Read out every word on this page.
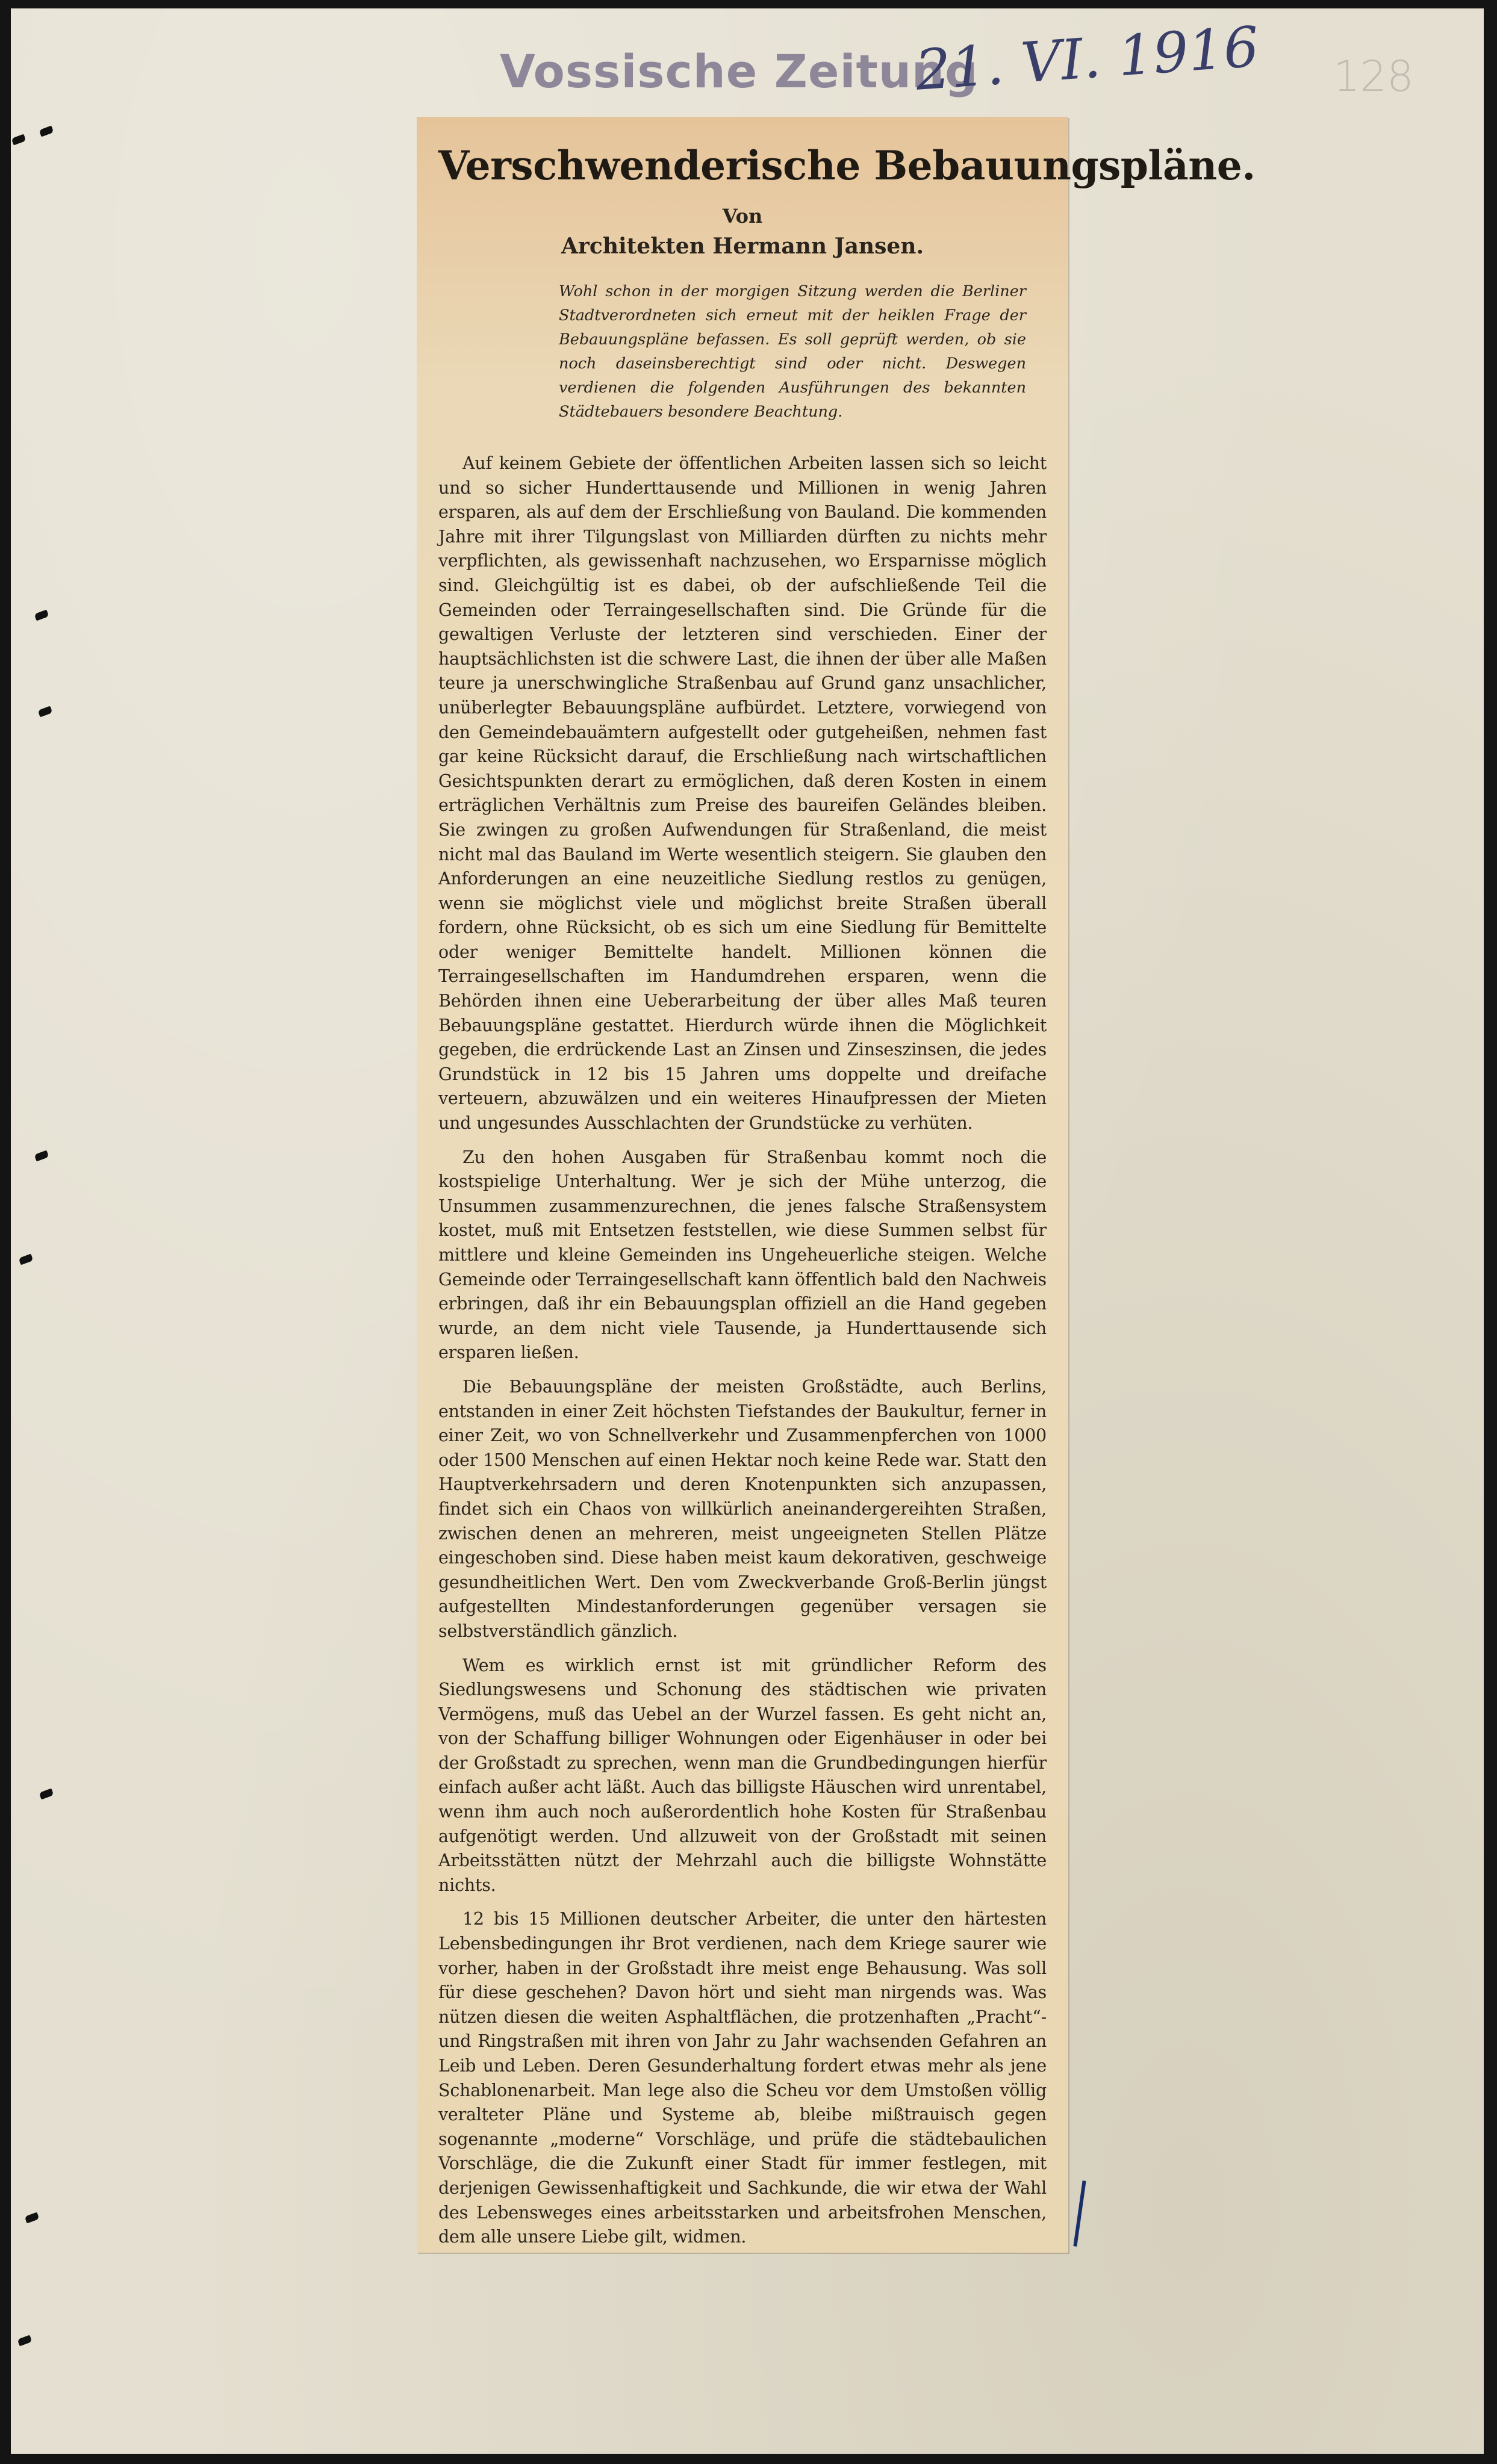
Vossische Zeitung
21. VI. 1916 128
Verschwenderische Bebauungspläne.
Von
Architekten Hermann Jansen.
Wohl schon in der morgigen Sitzung werden die Berliner Stadtverordneten sich erneut mit der heiklen Frage der Bebauungspläne befassen. Es soll geprüft werden, ob sie noch daseinsberechtigt sind oder nicht. Deswegen verdienen die folgenden Ausführungen des bekannten Städtebauers besondere Beachtung.
Auf keinem Gebiete der öffentlichen Arbeiten lassen sich so leicht und so sicher Hunderttausende und Millionen in wenig Jahren ersparen, als auf dem der Erschließung von Bauland. Die kommenden Jahre mit ihrer Tilgungslast von Milliarden dürften zu nichts mehr verpflichten, als gewissenhaft nachzusehen, wo Ersparnisse möglich sind. Gleichgültig ist es dabei, ob der aufschließende Teil die Gemeinden oder Terraingesellschaften sind. Die Gründe für die gewaltigen Verluste der letzteren sind verschieden. Einer der hauptsächlichsten ist die schwere Last, die ihnen der über alle Maßen teure ja unerschwingliche Straßenbau auf Grund ganz unsachlicher, unüberlegter Bebauungspläne aufbürdet. Letztere, vorwiegend von den Gemeindebauämtern aufgestellt oder gutgeheißen, nehmen fast gar keine Rücksicht darauf, die Erschließung nach wirtschaftlichen Gesichtspunkten derart zu ermöglichen, daß deren Kosten in einem erträglichen Verhältnis zum Preise des baureifen Geländes bleiben. Sie zwingen zu großen Aufwendungen für Straßenland, die meist nicht mal das Bauland im Werte wesentlich steigern. Sie glauben den Anforderungen an eine neuzeitliche Siedlung restlos zu genügen, wenn sie möglichst viele und möglichst breite Straßen überall fordern, ohne Rücksicht, ob es sich um eine Siedlung für Bemittelte oder weniger Bemittelte handelt. Millionen können die Terraingesellschaften im Handumdrehen ersparen, wenn die Behörden ihnen eine Ueberarbeitung der über alles Maß teuren Bebauungspläne gestattet. Hierdurch würde ihnen die Möglichkeit gegeben, die erdrückende Last an Zinsen und Zinseszinsen, die jedes Grundstück in 12 bis 15 Jahren ums doppelte und dreifache verteuern, abzuwälzen und ein weiteres Hinaufpressen der Mieten und ungesundes Ausschlachten der Grundstücke zu verhüten.
Zu den hohen Ausgaben für Straßenbau kommt noch die kostspielige Unterhaltung. Wer je sich der Mühe unterzog, die Unsummen zusammenzurechnen, die jenes falsche Straßensystem kostet, muß mit Entsetzen feststellen, wie diese Summen selbst für mittlere und kleine Gemeinden ins Ungeheuerliche steigen. Welche Gemeinde oder Terraingesellschaft kann öffentlich bald den Nachweis erbringen, daß ihr ein Bebauungsplan offiziell an die Hand gegeben wurde, an dem nicht viele Tausende, ja Hunderttausende sich ersparen ließen.
Die Bebauungspläne der meisten Großstädte, auch Berlins, entstanden in einer Zeit höchsten Tiefstandes der Baukultur, ferner in einer Zeit, wo von Schnellverkehr und Zusammenpferchen von 1000 oder 1500 Menschen auf einen Hektar noch keine Rede war. Statt den Hauptverkehrsadern und deren Knotenpunkten sich anzupassen, findet sich ein Chaos von willkürlich aneinandergereihten Straßen, zwischen denen an mehreren, meist ungeeigneten Stellen Plätze eingeschoben sind. Diese haben meist kaum dekorativen, geschweige gesundheitlichen Wert. Den vom Zweckverbande Groß-Berlin jüngst aufgestellten Mindestanforderungen gegenüber versagen sie selbstverständlich gänzlich.
Wem es wirklich ernst ist mit gründlicher Reform des Siedlungswesens und Schonung des städtischen wie privaten Vermögens, muß das Uebel an der Wurzel fassen. Es geht nicht an, von der Schaffung billiger Wohnungen oder Eigenhäuser in oder bei der Großstadt zu sprechen, wenn man die Grundbedingungen hierfür einfach außer acht läßt. Auch das billigste Häuschen wird unrentabel, wenn ihm auch noch außerordentlich hohe Kosten für Straßenbau aufgenötigt werden. Und allzuweit von der Großstadt mit seinen Arbeitsstätten nützt der Mehrzahl auch die billigste Wohnstätte nichts.
12 bis 15 Millionen deutscher Arbeiter, die unter den härtesten Lebensbedingungen ihr Brot verdienen, nach dem Kriege saurer wie vorher, haben in der Großstadt ihre meist enge Behausung. Was soll für diese geschehen? Davon hört und sieht man nirgends was. Was nützen diesen die weiten Asphaltflächen, die protzenhaften „Pracht“- und Ringstraßen mit ihren von Jahr zu Jahr wachsenden Gefahren an Leib und Leben. Deren Gesunderhaltung fordert etwas mehr als jene Schablonenarbeit. Man lege also die Scheu vor dem Umstoßen völlig veralteter Pläne und Systeme ab, bleibe mißtrauisch gegen sogenannte „moderne“ Vorschläge, und prüfe die städtebaulichen Vorschläge, die die Zukunft einer Stadt für immer festlegen, mit derjenigen Gewissenhaftigkeit und Sachkunde, die wir etwa der Wahl des Lebensweges eines arbeitsstarken und arbeitsfrohen Menschen, dem alle unsere Liebe gilt, widmen.
